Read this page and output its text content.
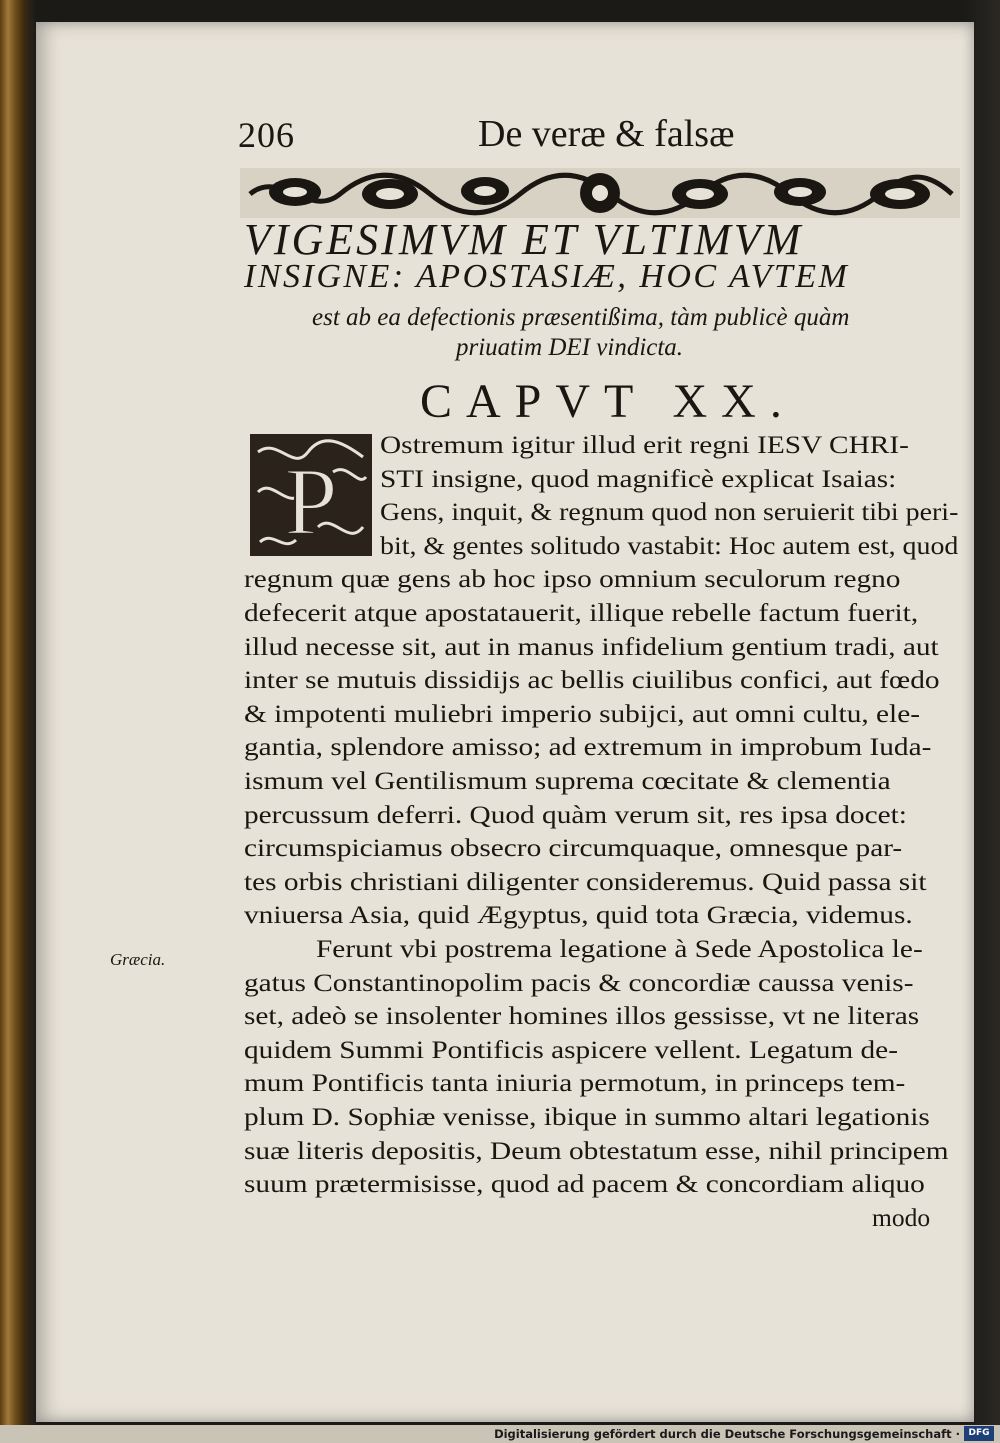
206	De veræ & falsæ
VIGESIMVM ET VLTIMVM
INSIGNE: APOSTASIÆ, HOC AVTEM
est ab ea defectionis præsentißima, tàm publicè quàm
priuatim DEI vindicta.
CAPVT XX.
P
Ostremum igitur illud erit regni IESV CHRI-
STI insigne, quod magnificè explicat Isaias:
Gens, inquit, & regnum quod non seruierit tibi peri-
bit, & gentes solitudo vastabit: Hoc autem est, quod
regnum quæ gens ab hoc ipso omnium seculorum regno
defecerit atque apostatauerit, illique rebelle factum fuerit,
illud necesse sit, aut in manus infidelium gentium tradi, aut
inter se mutuis dissidijs ac bellis ciuilibus confici, aut fœdo
& impotenti muliebri imperio subijci, aut omni cultu, ele-
gantia, splendore amisso; ad extremum in improbum Iuda-
ismum vel Gentilismum suprema cœcitate & clementia
percussum deferri. Quod quàm verum sit, res ipsa docet:
circumspiciamus obsecro circumquaque, omnesque par-
tes orbis christiani diligenter consideremus. Quid passa sit
vniuersa Asia, quid Ægyptus, quid tota Græcia, videmus.
Ferunt vbi postrema legatione à Sede Apostolica le-
gatus Constantinopolim pacis & concordiæ caussa venis-
set, adeò se insolenter homines illos gessisse, vt ne literas
quidem Summi Pontificis aspicere vellent. Legatum de-
mum Pontificis tanta iniuria permotum, in princeps tem-
plum D. Sophiæ venisse, ibique in summo altari legationis
suæ literis depositis, Deum obtestatum esse, nihil principem
suum prætermisisse, quod ad pacem & concordiam aliquo
modo
Græcia.
Digitalisierung gefördert durch die Deutsche Forschungsgemeinschaft · DFG
